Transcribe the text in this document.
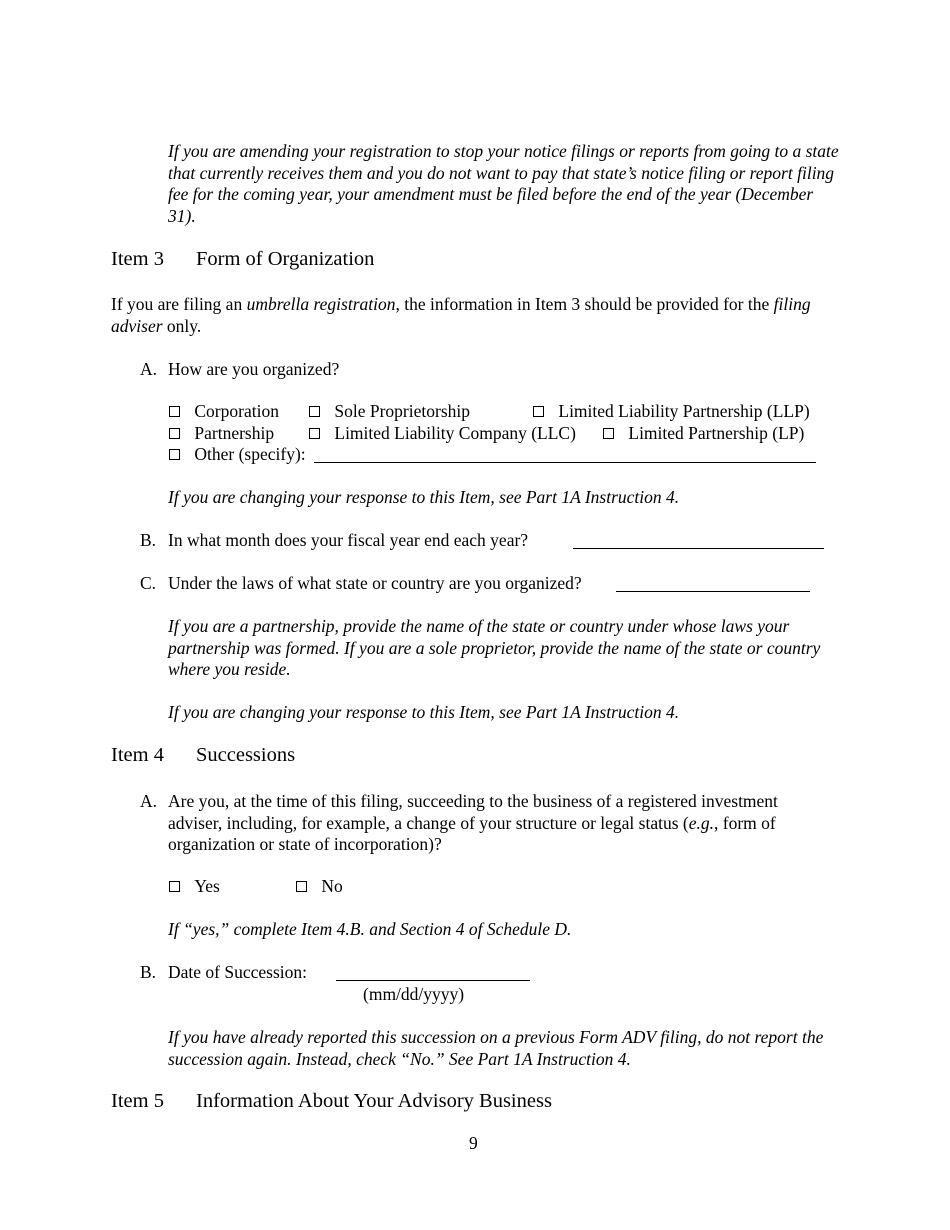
If you are amending your registration to stop your notice filings or reports from going to a state that currently receives them and you do not want to pay that state’s notice filing or report filing fee for the coming year, your amendment must be filed before the end of the year (December 31).
Item 3 Form of Organization
If you are filing an umbrella registration, the information in Item 3 should be provided for the filing adviser only.
A. How are you organized?
Corporation	Sole Proprietorship	Limited Liability Partnership (LLP)
Partnership	Limited Liability Company (LLC)	Limited Partnership (LP)
Other (specify):
If you are changing your response to this Item, see Part 1A Instruction 4.
B. In what month does your fiscal year end each year?
C. Under the laws of what state or country are you organized?
If you are a partnership, provide the name of the state or country under whose laws your partnership was formed. If you are a sole proprietor, provide the name of the state or country where you reside.
If you are changing your response to this Item, see Part 1A Instruction 4.
Item 4 Successions
A. Are you, at the time of this filing, succeeding to the business of a registered investment adviser, including, for example, a change of your structure or legal status (e.g., form of organization or state of incorporation)?
Yes	No
If “yes,” complete Item 4.B. and Section 4 of Schedule D.
B. Date of Succession:
(mm/dd/yyyy)
If you have already reported this succession on a previous Form ADV filing, do not report the succession again. Instead, check “No.” See Part 1A Instruction 4.
Item 5 Information About Your Advisory Business
9
